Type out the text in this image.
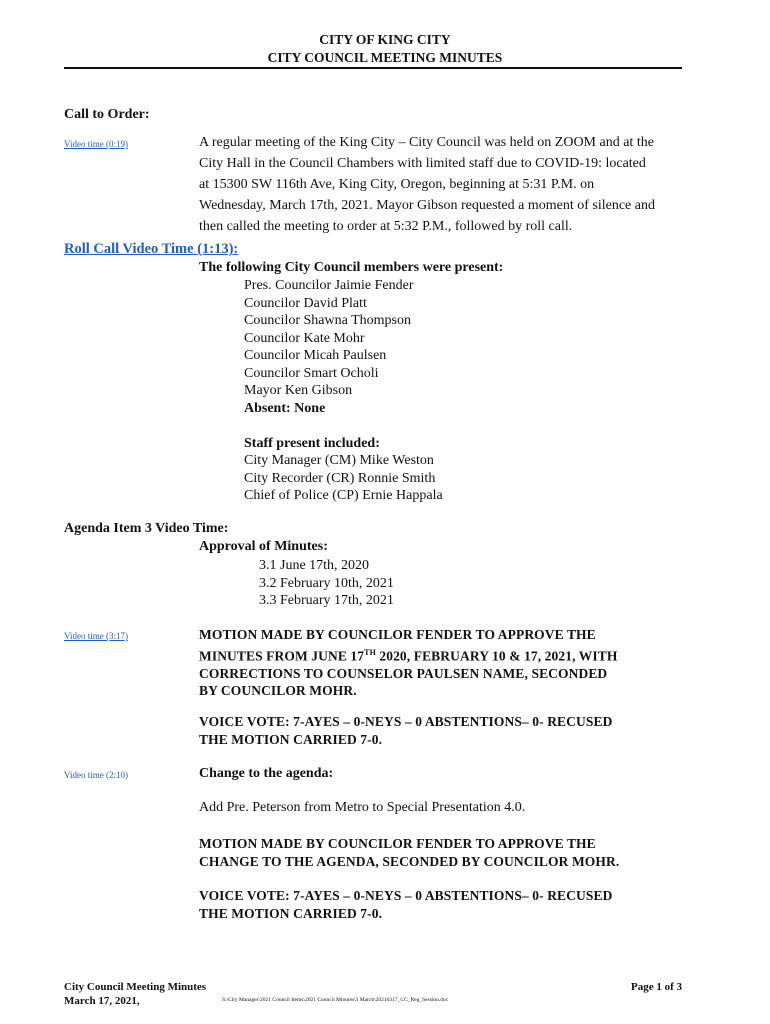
CITY OF KING CITY
CITY COUNCIL MEETING MINUTES
Call to Order:
Video time (0:19)	A regular meeting of the King City – City Council was held on ZOOM and at the
City Hall in the Council Chambers with limited staff due to COVID-19: located
at 15300 SW 116th Ave, King City, Oregon, beginning at 5:31 P.M. on
Wednesday, March 17th, 2021. Mayor Gibson requested a moment of silence and
then called the meeting to order at 5:32 P.M., followed by roll call.
Roll Call Video Time (1:13):
The following City Council members were present:
Pres. Councilor Jaimie Fender
Councilor David Platt
Councilor Shawna Thompson
Councilor Kate Mohr
Councilor Micah Paulsen
Councilor Smart Ocholi
Mayor Ken Gibson
Absent: None
Staff present included:
City Manager (CM) Mike Weston
City Recorder (CR) Ronnie Smith
Chief of Police (CP) Ernie Happala
Agenda Item 3 Video Time:
Approval of Minutes:
3.1 June 17th, 2020
3.2 February 10th, 2021
3.3 February 17th, 2021
Video time (3:17)	MOTION MADE BY COUNCILOR FENDER TO APPROVE THE
MINUTES FROM JUNE 17TH 2020, FEBRUARY 10 & 17, 2021, WITH
CORRECTIONS TO COUNSELOR PAULSEN NAME, SECONDED
BY COUNCILOR MOHR.
VOICE VOTE: 7-AYES – 0-NEYS – 0 ABSTENTIONS– 0- RECUSED
THE MOTION CARRIED 7-0.
Video time (2:10)	Change to the agenda:
Add Pre. Peterson from Metro to Special Presentation 4.0.
MOTION MADE BY COUNCILOR FENDER TO APPROVE THE
CHANGE TO THE AGENDA, SECONDED BY COUNCILOR MOHR.
VOICE VOTE: 7-AYES – 0-NEYS – 0 ABSTENTIONS– 0- RECUSED
THE MOTION CARRIED 7-0.
City Council Meeting Minutes
March 17, 2021,	S:\City Manager\2021 Council Items\2021 Council Minutes\3 March\20210317_CC_Reg_Session.doc
Page 1 of 3
